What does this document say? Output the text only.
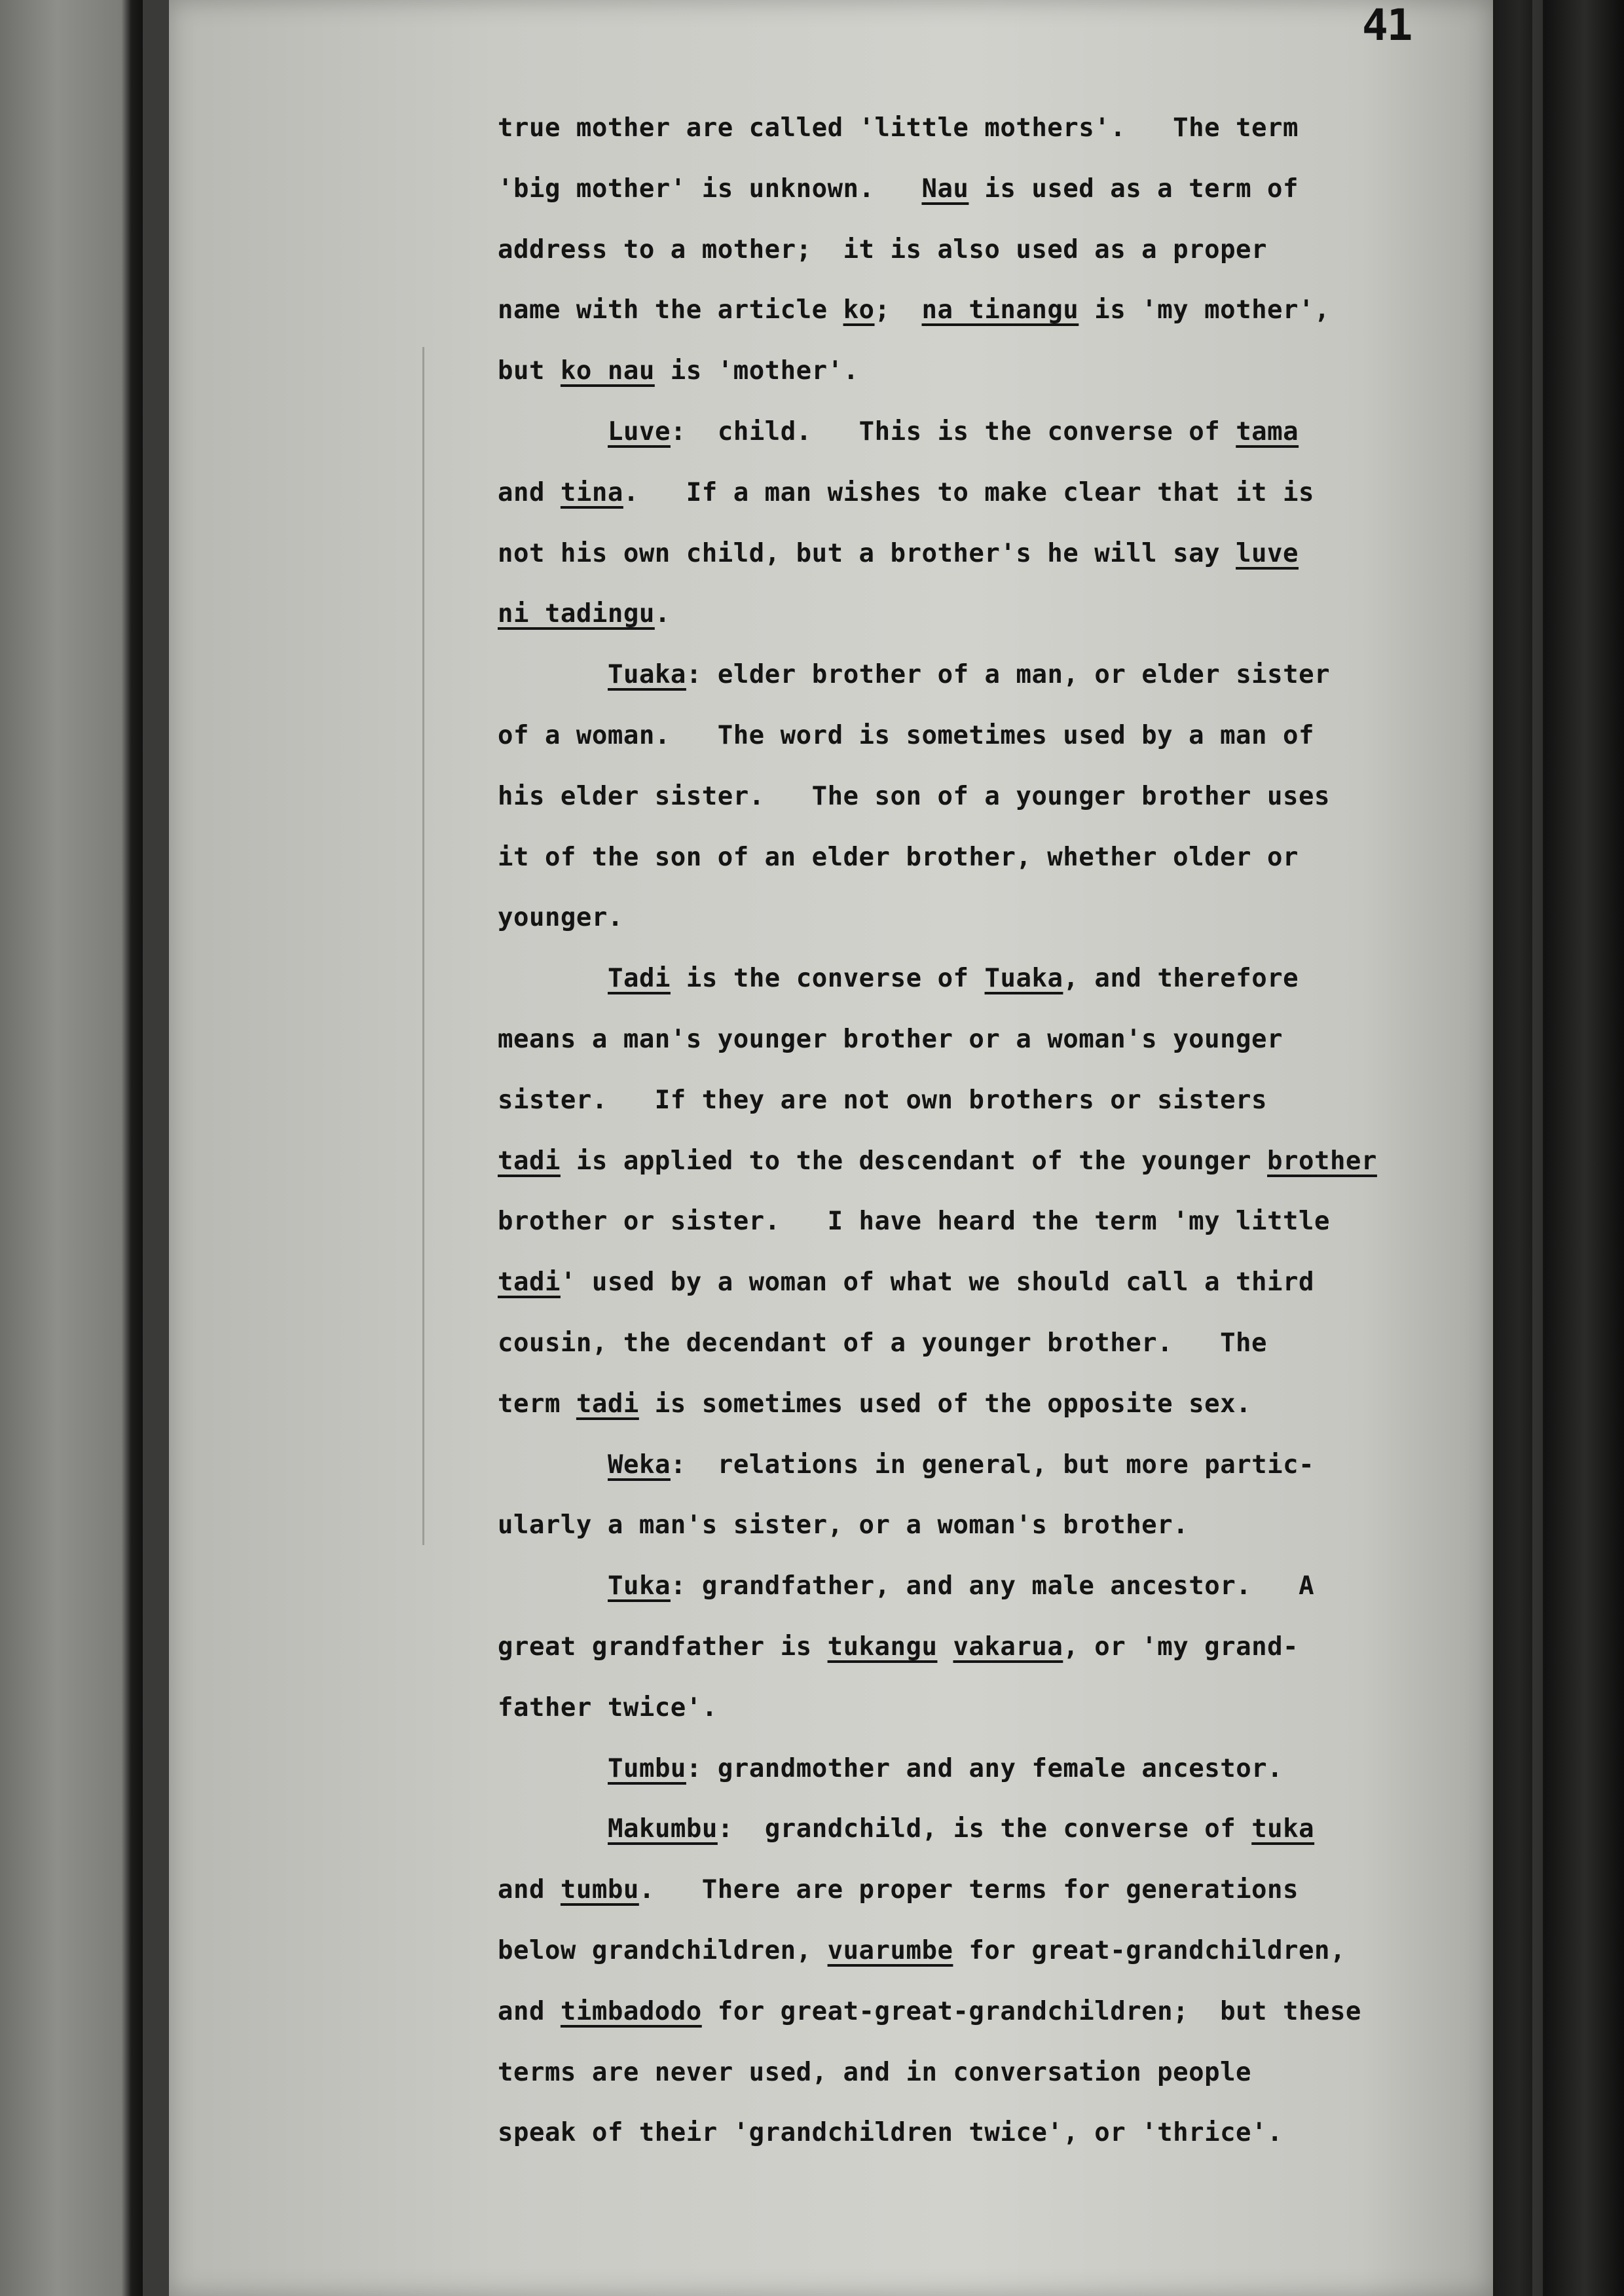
41
true mother are called 'little mothers'.   The term
'big mother' is unknown.   Nau is used as a term of
address to a mother;  it is also used as a proper
name with the article ko;  na tinangu is 'my mother',
but ko nau is 'mother'.
Luve:  child.   This is the converse of tama
and tina.   If a man wishes to make clear that it is
not his own child, but a brother's he will say luve
ni tadingu.
Tuaka: elder brother of a man, or elder sister
of a woman.   The word is sometimes used by a man of
his elder sister.   The son of a younger brother uses
it of the son of an elder brother, whether older or
younger.
Tadi is the converse of Tuaka, and therefore
means a man's younger brother or a woman's younger
sister.   If they are not own brothers or sisters
tadi is applied to the descendant of the younger brother
brother or sister.   I have heard the term 'my little
tadi' used by a woman of what we should call a third
cousin, the decendant of a younger brother.   The
term tadi is sometimes used of the opposite sex.
Weka:  relations in general, but more partic-
ularly a man's sister, or a woman's brother.
Tuka: grandfather, and any male ancestor.   A
great grandfather is tukangu vakarua, or 'my grand-
father twice'.
Tumbu: grandmother and any female ancestor.
Makumbu:  grandchild, is the converse of tuka
and tumbu.   There are proper terms for generations
below grandchildren, vuarumbe for great-grandchildren,
and timbadodo for great-great-grandchildren;  but these
terms are never used, and in conversation people
speak of their 'grandchildren twice', or 'thrice'.
